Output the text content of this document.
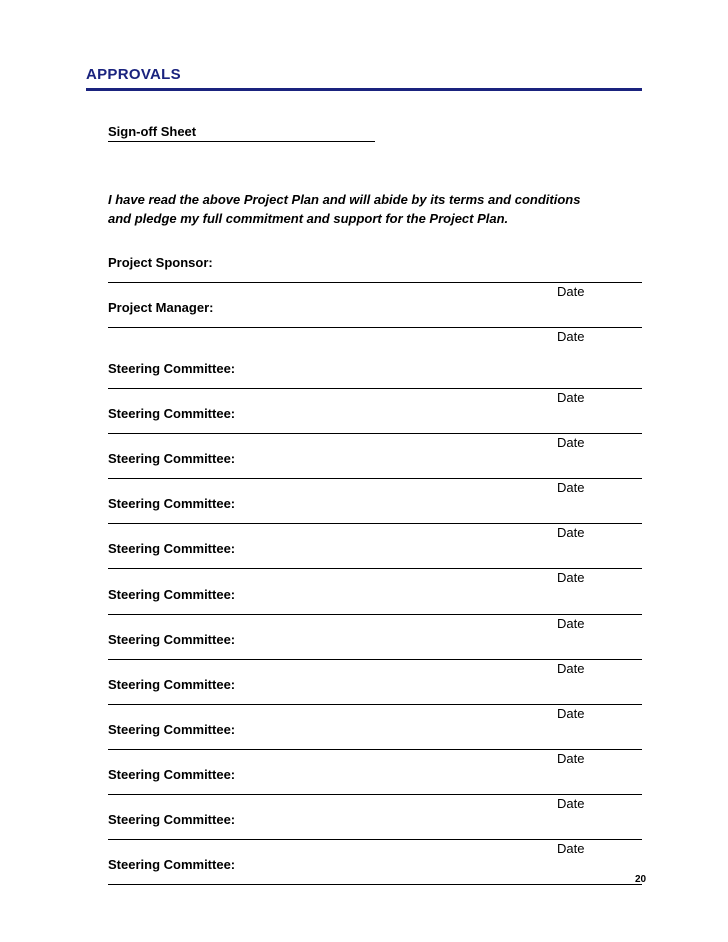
APPROVALS
Sign-off Sheet
I have read the above Project Plan and will abide by its terms and conditions
and pledge my full commitment and support for the Project Plan.
Project Sponsor:
Date
Project Manager:
Date
Steering Committee:
Date
Steering Committee:
Date
Steering Committee:
Date
Steering Committee:
Date
Steering Committee:
Date
Steering Committee:
Date
Steering Committee:
Date
Steering Committee:
Date
Steering Committee:
Date
Steering Committee:
Date
Steering Committee:
Date
Steering Committee:
20
